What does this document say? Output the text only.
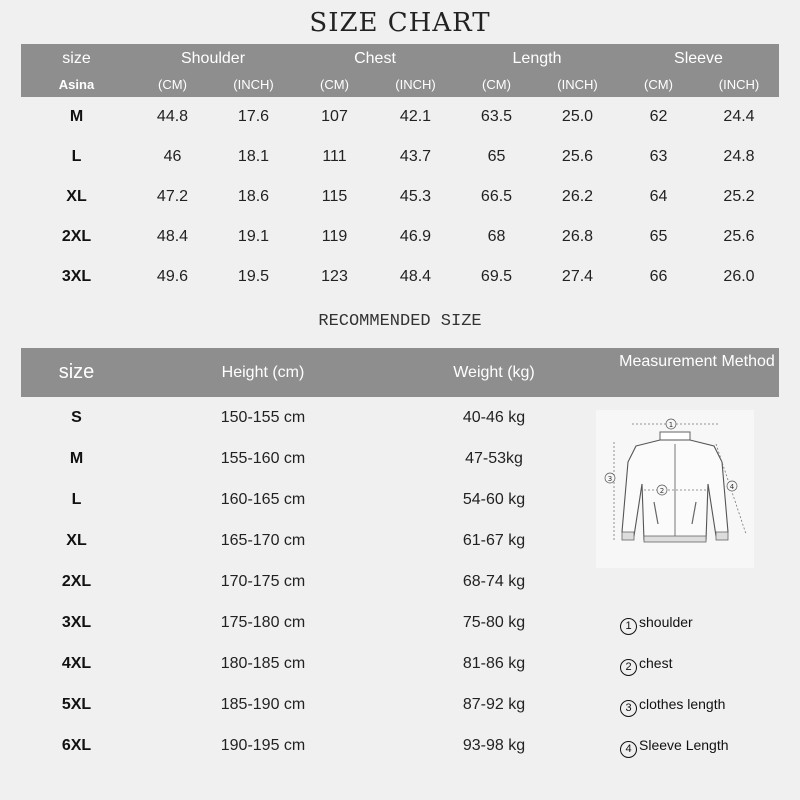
SIZE CHART
size	Shoulder	Chest	Length	Sleeve
Asina	(CM)	(INCH)	(CM)	(INCH)	(CM)	(INCH)	(CM)	(INCH)
M	44.8	17.6	107	42.1	63.5	25.0	62	24.4
L	46	18.1	111	43.7	65	25.6	63	24.8
XL	47.2	18.6	115	45.3	66.5	26.2	64	25.2
2XL	48.4	19.1	119	46.9	68	26.8	65	25.6
3XL	49.6	19.5	123	48.4	69.5	27.4	66	26.0
RECOMMENDED SIZE
size	Height (cm)	Weight (kg)
Measurement Method
S	150-155 cm	40-46 kg
M	155-160 cm	47-53kg
L	160-165 cm	54-60 kg
XL	165-170 cm	61-67 kg
2XL	170-175 cm	68-74 kg
3XL	175-180 cm	75-80 kg
4XL	180-185 cm	81-86 kg
5XL	185-190 cm	87-92 kg
6XL	190-195 cm	93-98 kg
1
2
3
4
1 shoulder
2 chest
3 clothes length
4 Sleeve Length
